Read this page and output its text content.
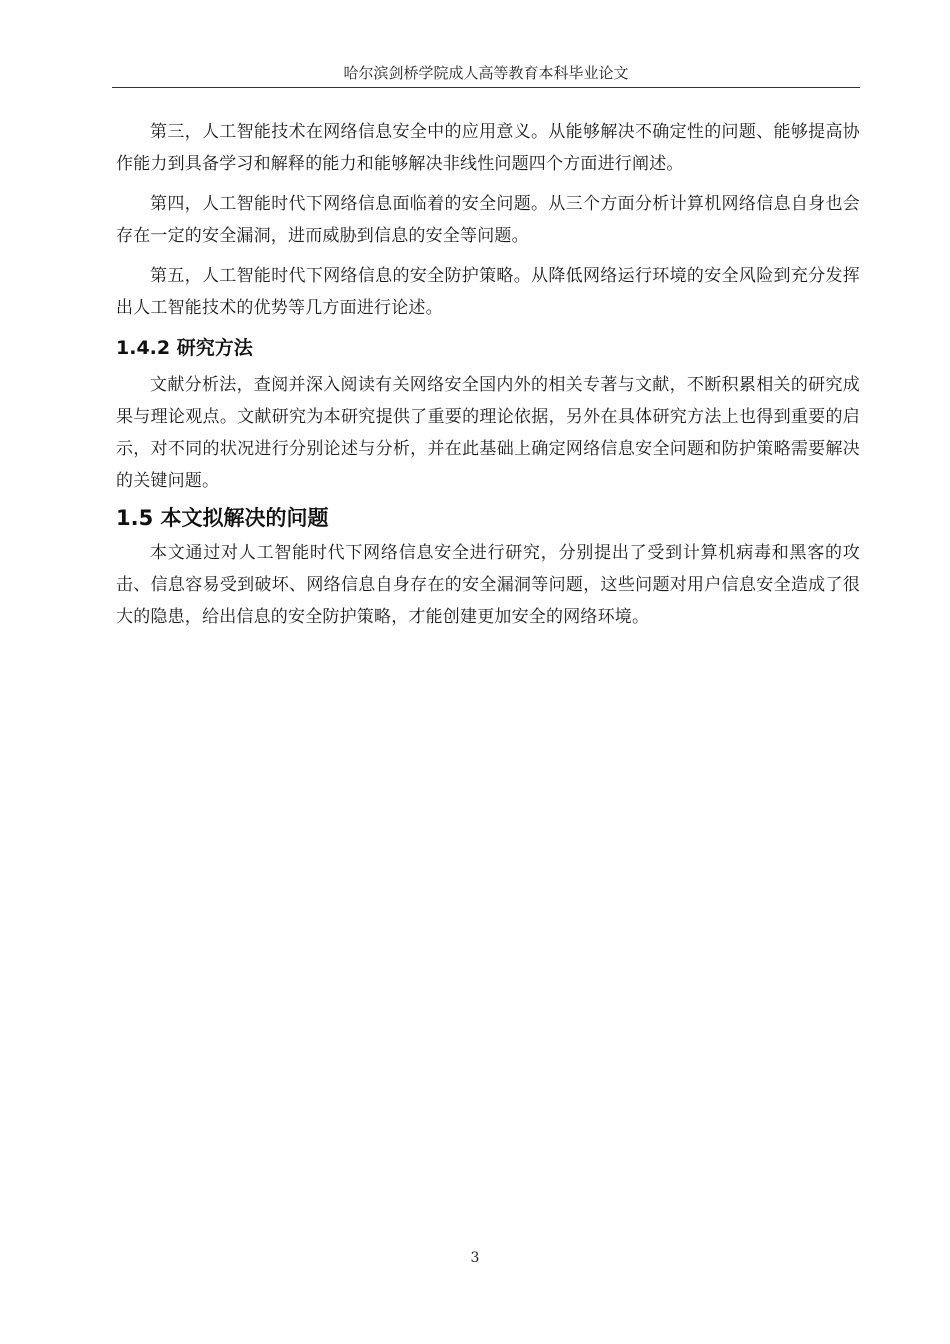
哈尔滨剑桥学院成人高等教育本科毕业论文

第三，人工智能技术在网络信息安全中的应用意义。从能够解决不确定性的问题、能够提高协作能力到具备学习和解释的能力和能够解决非线性问题四个方面进行阐述。

第四，人工智能时代下网络信息面临着的安全问题。从三个方面分析计算机网络信息自身也会存在一定的安全漏洞，进而威胁到信息的安全等问题。

第五，人工智能时代下网络信息的安全防护策略。从降低网络运行环境的安全风险到充分发挥出人工智能技术的优势等几方面进行论述。

1.4.2 研究方法

文献分析法，查阅并深入阅读有关网络安全国内外的相关专著与文献，不断积累相关的研究成果与理论观点。文献研究为本研究提供了重要的理论依据，另外在具体研究方法上也得到重要的启示，对不同的状况进行分别论述与分析，并在此基础上确定网络信息安全问题和防护策略需要解决的关键问题。

1.5 本文拟解决的问题

本文通过对人工智能时代下网络信息安全进行研究，分别提出了受到计算机病毒和黑客的攻击、信息容易受到破坏、网络信息自身存在的安全漏洞等问题，这些问题对用户信息安全造成了很大的隐患，给出信息的安全防护策略，才能创建更加安全的网络环境。

3
